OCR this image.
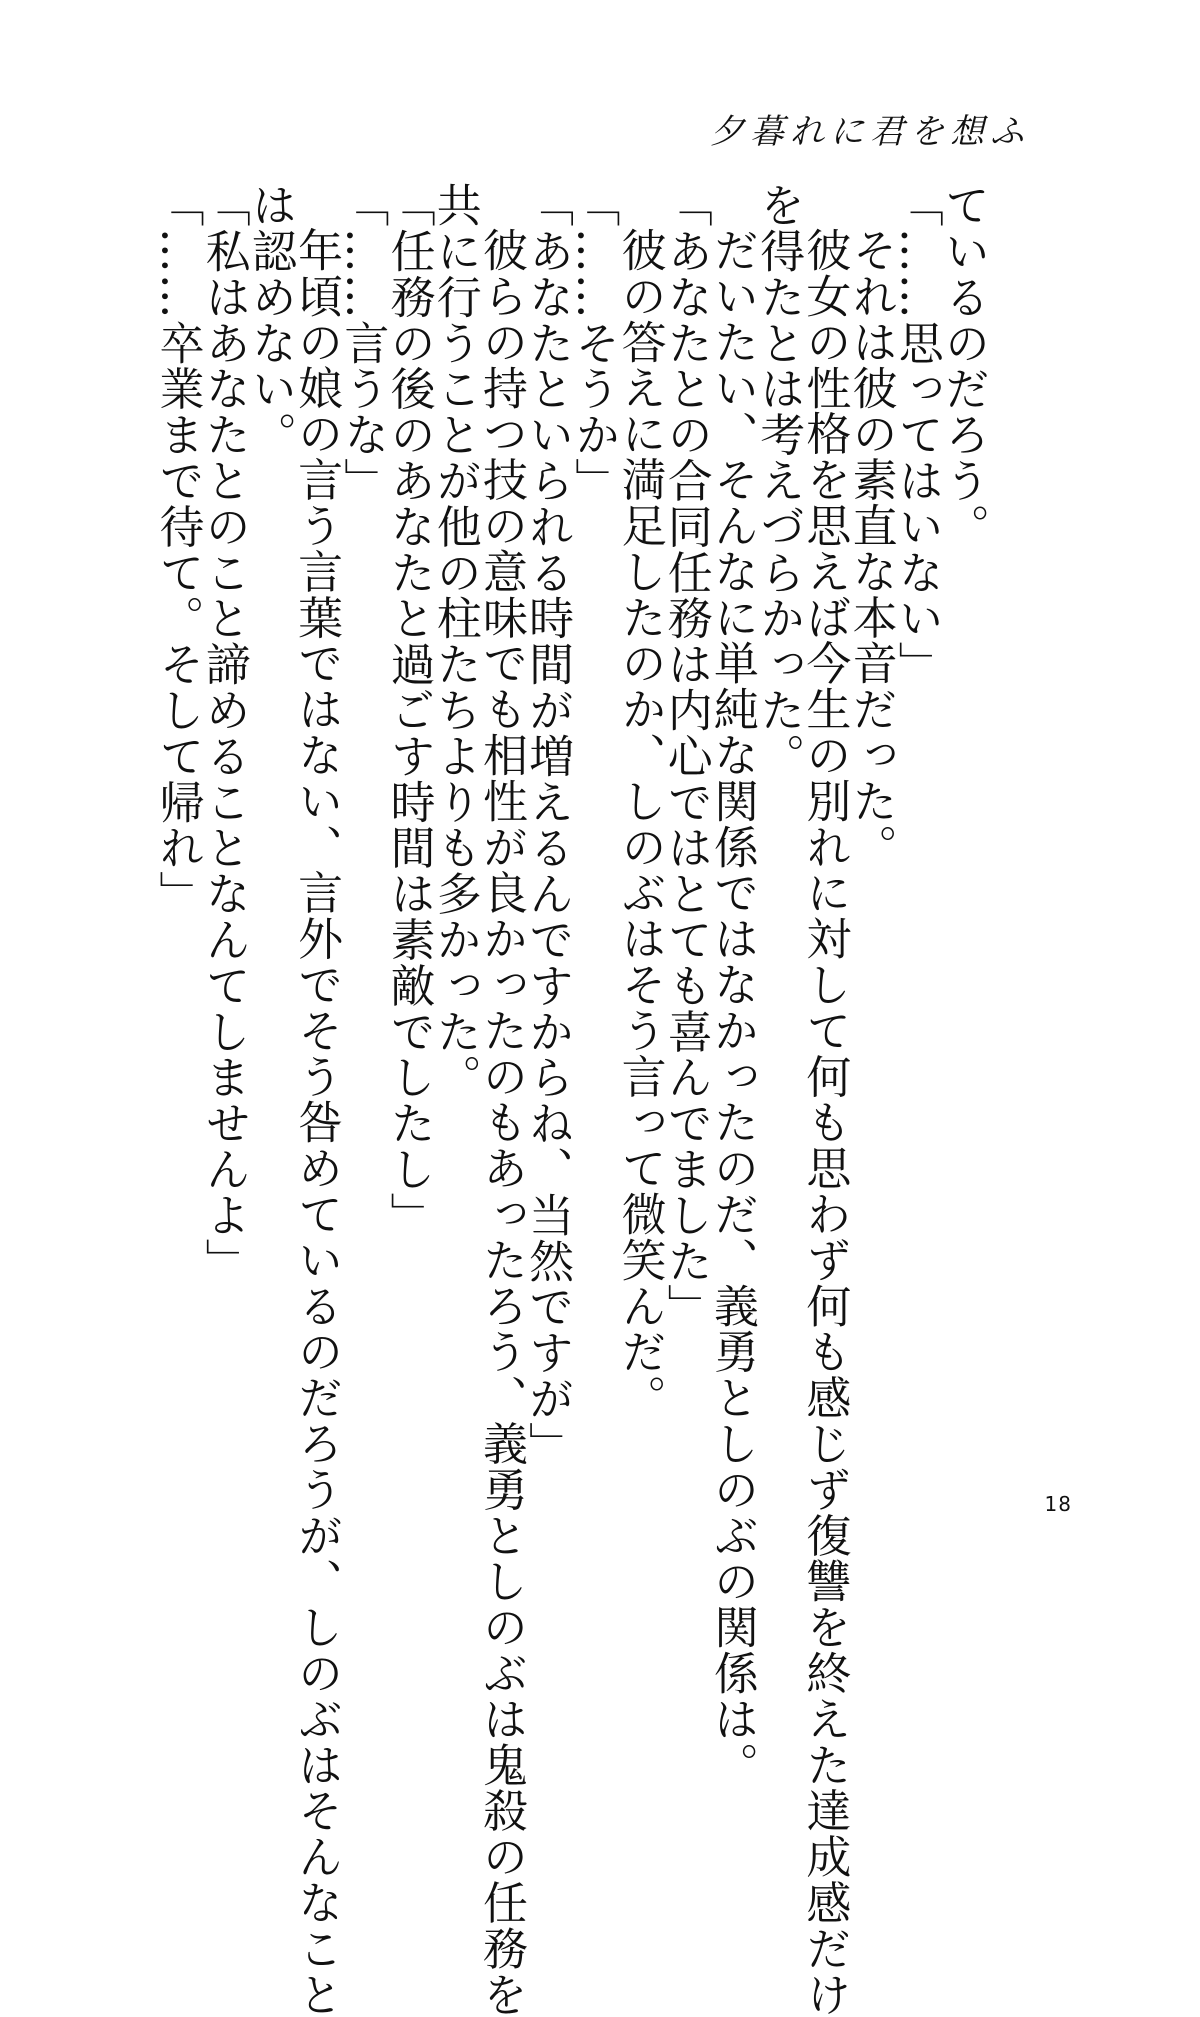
夕暮れに君を想ふ
ているのだろう。
「……思ってはいない」
それは彼の素直な本音だった。
彼女の性格を思えば今生の別れに対して何も思わず何も感じず復讐を終えた達成感だけ
を得たとは考えづらかった。
だいたい、そんなに単純な関係ではなかったのだ、義勇としのぶの関係は。
「あなたとの合同任務は内心ではとても喜んでました」
彼の答えに満足したのか、しのぶはそう言って微笑んだ。
「……そうか」
「あなたといられる時間が増えるんですからね、当然ですが」
彼らの持つ技の意味でも相性が良かったのもあったろう、義勇としのぶは鬼殺の任務を
共に行うことが他の柱たちよりも多かった。
「任務の後のあなたと過ごす時間は素敵でしたし」
「……言うな」
年頃の娘の言う言葉ではない、言外でそう咎めているのだろうが、しのぶはそんなこと
は認めない。
「私はあなたとのこと諦めることなんてしませんよ」
「……卒業まで待て。そして帰れ」
18
